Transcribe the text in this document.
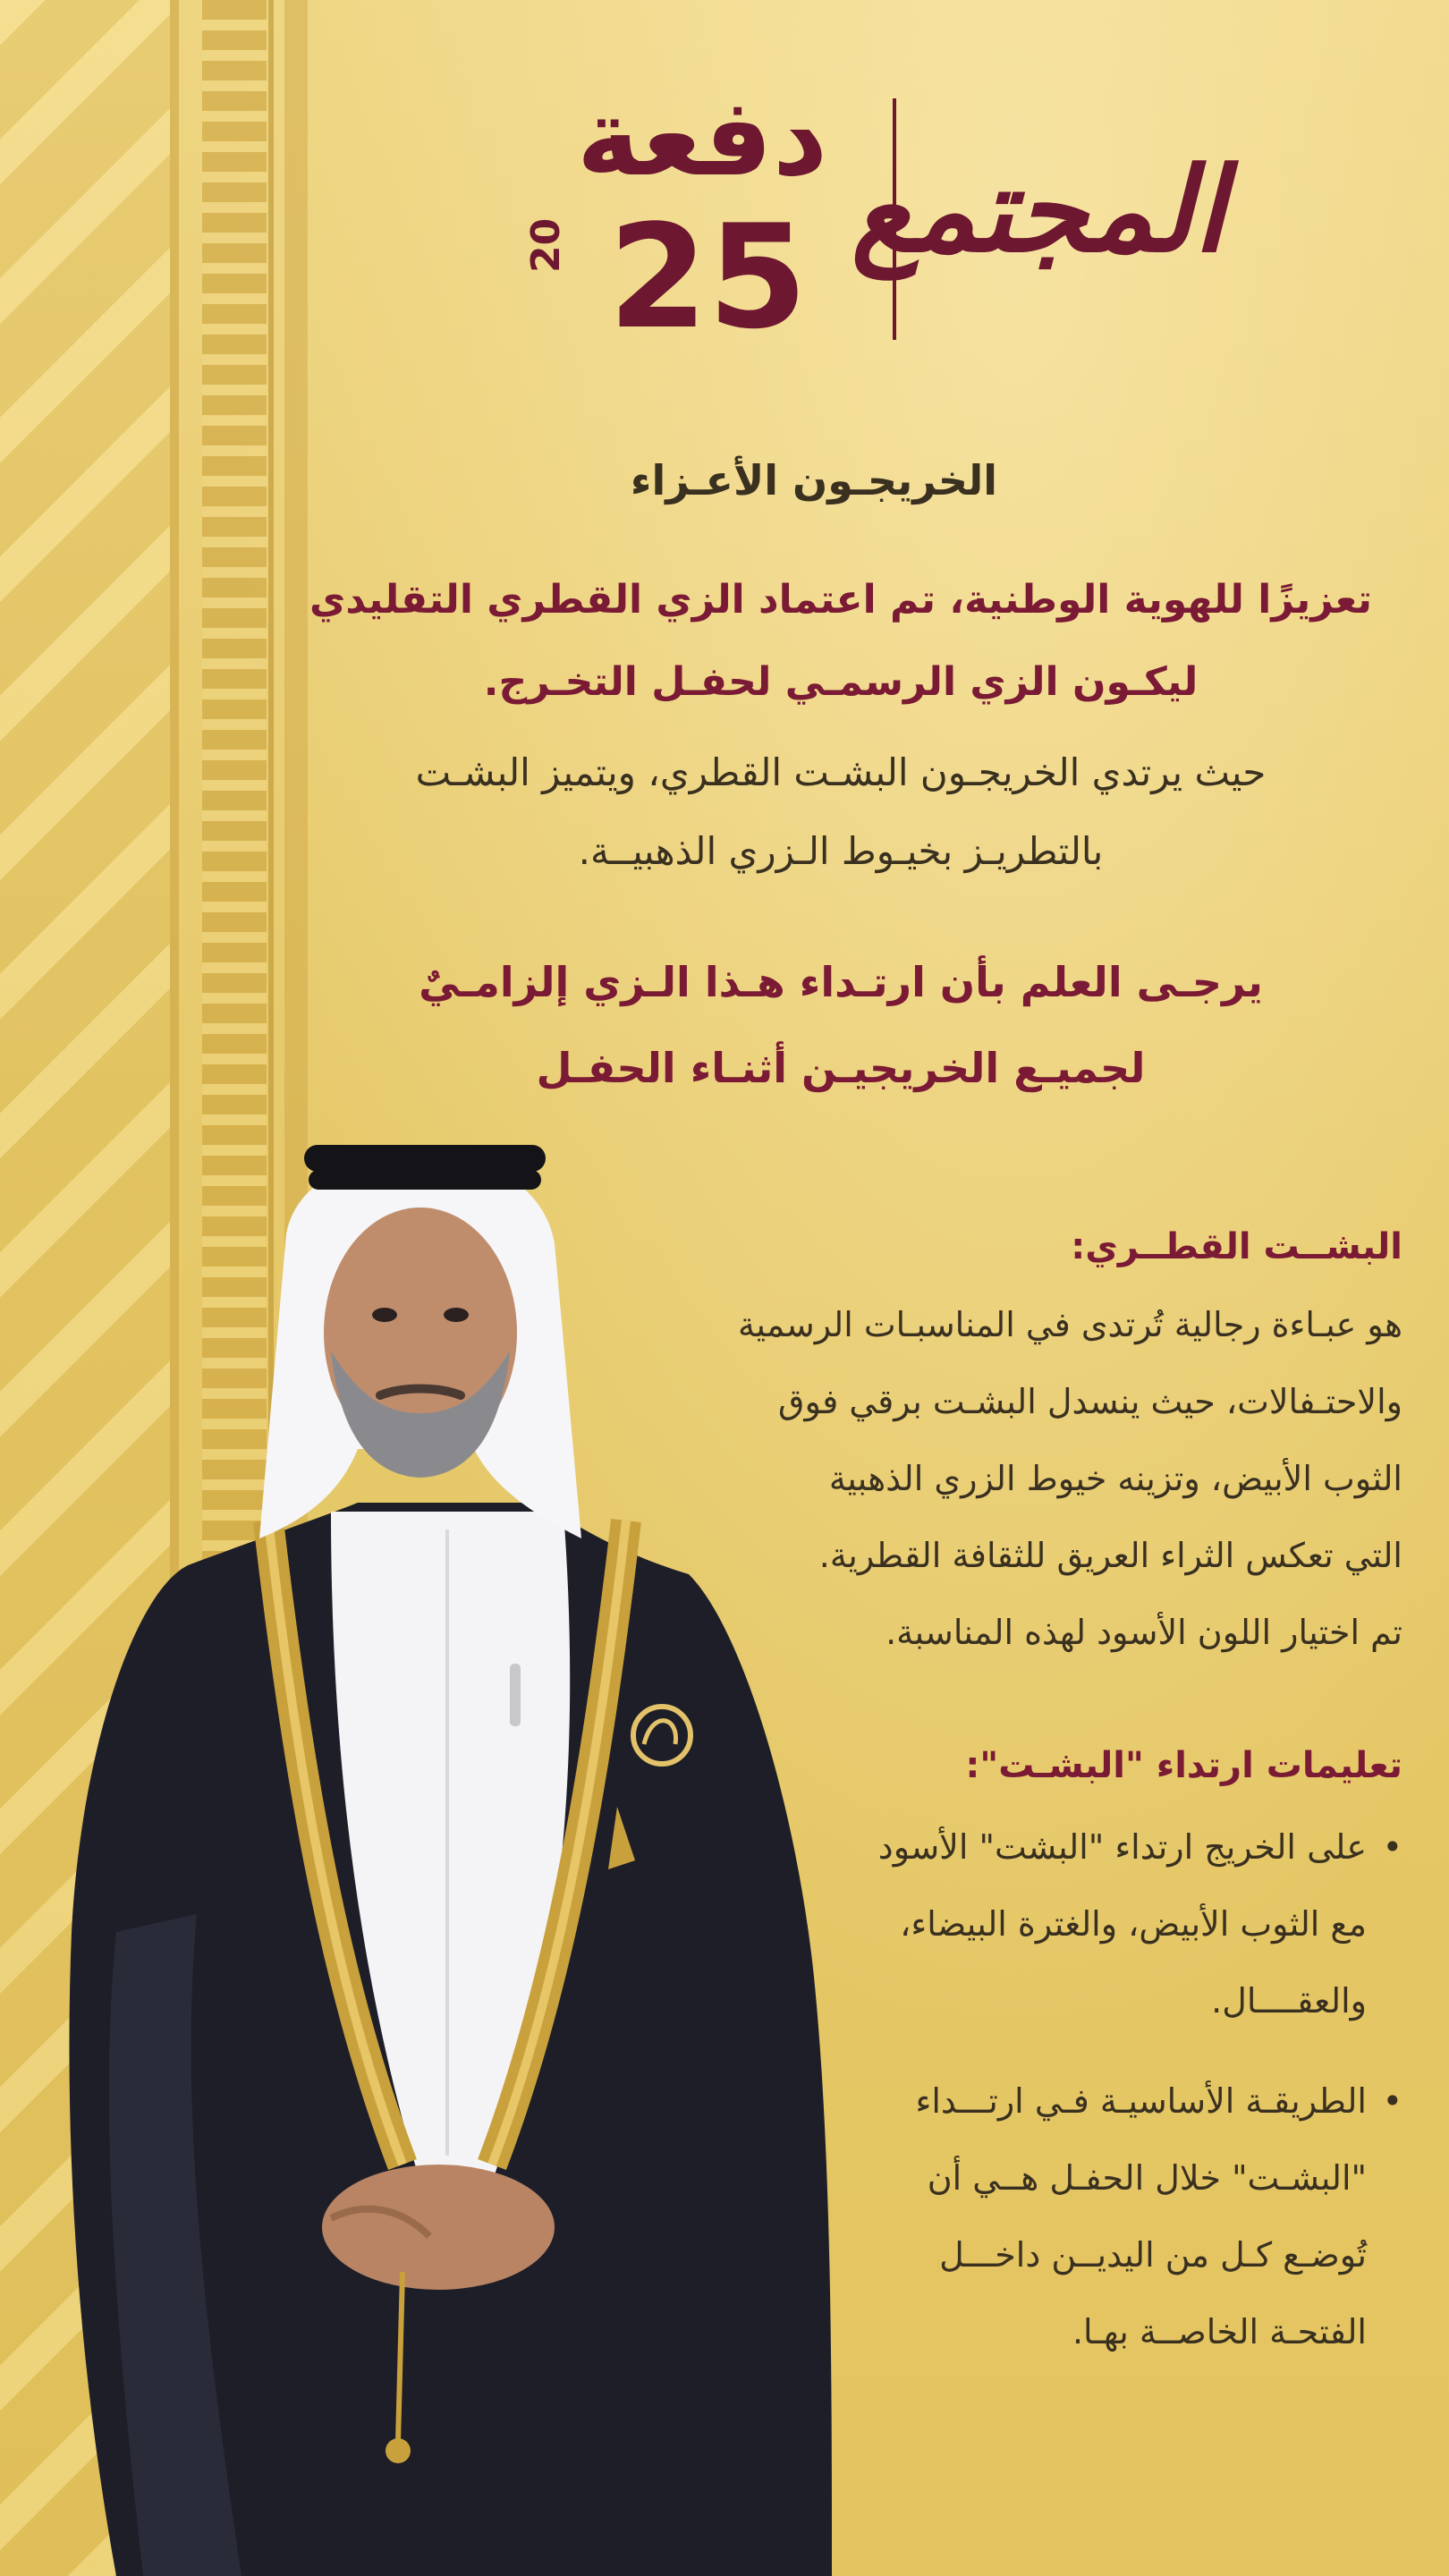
دفعة
20 25 المجتمع
الخريجـون الأعـزاء
تعزيزًا للهوية الوطنية، تم اعتماد الزي القطري التقليدي
ليكـون الزي الرسمـي لحفـل التخـرج.
حيث يرتدي الخريجـون البشـت القطري، ويتميز البشـت
بالتطريـز بخيـوط الـزري الذهبيــة.
يرجـى العلم بأن ارتـداء هـذا الـزي إلزامـيٌ
لجميـع الخريجيـن أثنـاء الحفـل
البشــت القطــري:
هو عبـاءة رجالية تُرتدى في المناسبـات الرسمية
والاحتـفالات، حيث ينسدل البشـت برقي فوق
الثوب الأبيض، وتزينه خيوط الزري الذهبية
التي تعكس الثراء العريق للثقافة القطرية.
تم اختيار اللون الأسود لهذه المناسبة.
تعليمات ارتداء "البشـت":
• على الخريج ارتداء "البشت" الأسود
مع الثوب الأبيض، والغترة البيضاء،
والعقــــال.
• الطريقـة الأساسيـة فـي ارتـــداء
"البشـت" خلال الحفـل هــي أن
تُوضـع كـل من اليديــن داخـــل
الفتحـة الخاصــة بهـا.
